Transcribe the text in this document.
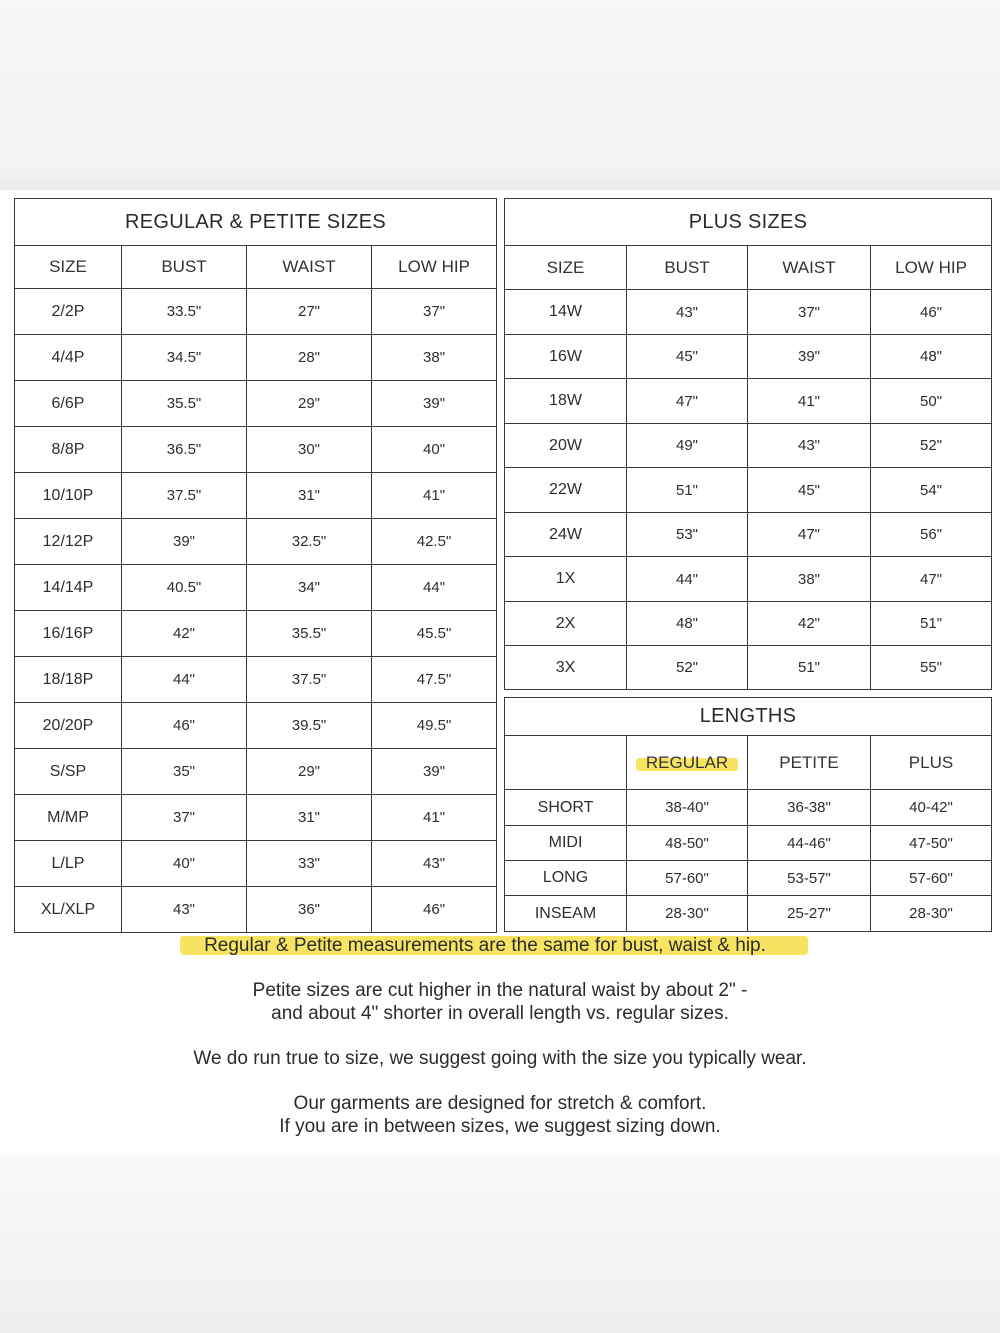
REGULAR & PETITE SIZES			
SIZE	BUST	WAIST	LOW HIP
2/2P	33.5"	27"	37"
4/4P	34.5"	28"	38"
6/6P	35.5"	29"	39"
8/8P	36.5"	30"	40"
10/10P	37.5"	31"	41"
12/12P	39"	32.5"	42.5"
14/14P	40.5"	34"	44"
16/16P	42"	35.5"	45.5"
18/18P	44"	37.5"	47.5"
20/20P	46"	39.5"	49.5"
S/SP	35"	29"	39"
M/MP	37"	31"	41"
L/LP	40"	33"	43"
XL/XLP	43"	36"	46"
PLUS SIZES			
SIZE	BUST	WAIST	LOW HIP
14W	43"	37"	46"
16W	45"	39"	48"
18W	47"	41"	50"
20W	49"	43"	52"
22W	51"	45"	54"
24W	53"	47"	56"
1X	44"	38"	47"
2X	48"	42"	51"
3X	52"	51"	55"
LENGTHS			
	REGULAR	PETITE	PLUS
SHORT	38-40"	36-38"	40-42"
MIDI	48-50"	44-46"	47-50"
LONG	57-60"	53-57"	57-60"
INSEAM	28-30"	25-27"	28-30"
Regular & Petite measurements are the same for bust, waist & hip.
Petite sizes are cut higher in the natural waist by about 2" -
and about 4" shorter in overall length vs. regular sizes.
We do run true to size, we suggest going with the size you typically wear.
Our garments are designed for stretch & comfort.
If you are in between sizes, we suggest sizing down.
